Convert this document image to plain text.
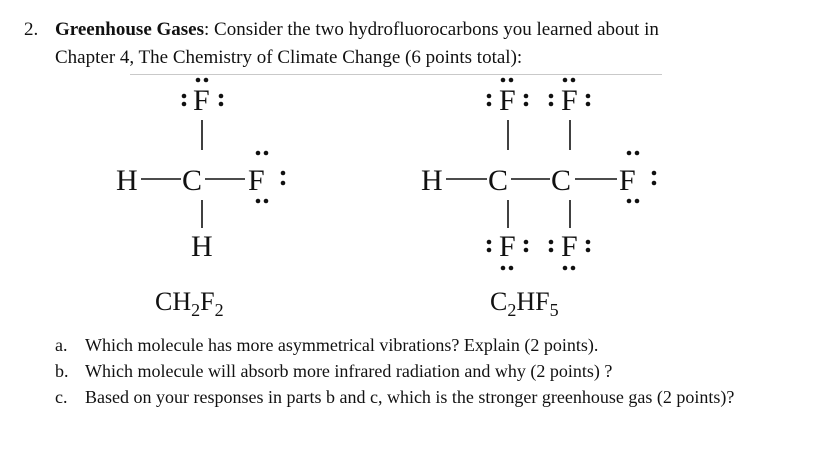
2. Greenhouse Gases: Consider the two hydrofluorocarbons you learned about in
Chapter 4, The Chemistry of Climate Change (6 points total):
F
H C F
H
$CH_2F_2$
F F
H C C F
F F
$C_2HF_5$
a. Which molecule has more asymmetrical vibrations? Explain (2 points).
b. Which molecule will absorb more infrared radiation and why (2 points) ?
c. Based on your responses in parts b and c, which is the stronger greenhouse gas (2 points)?
